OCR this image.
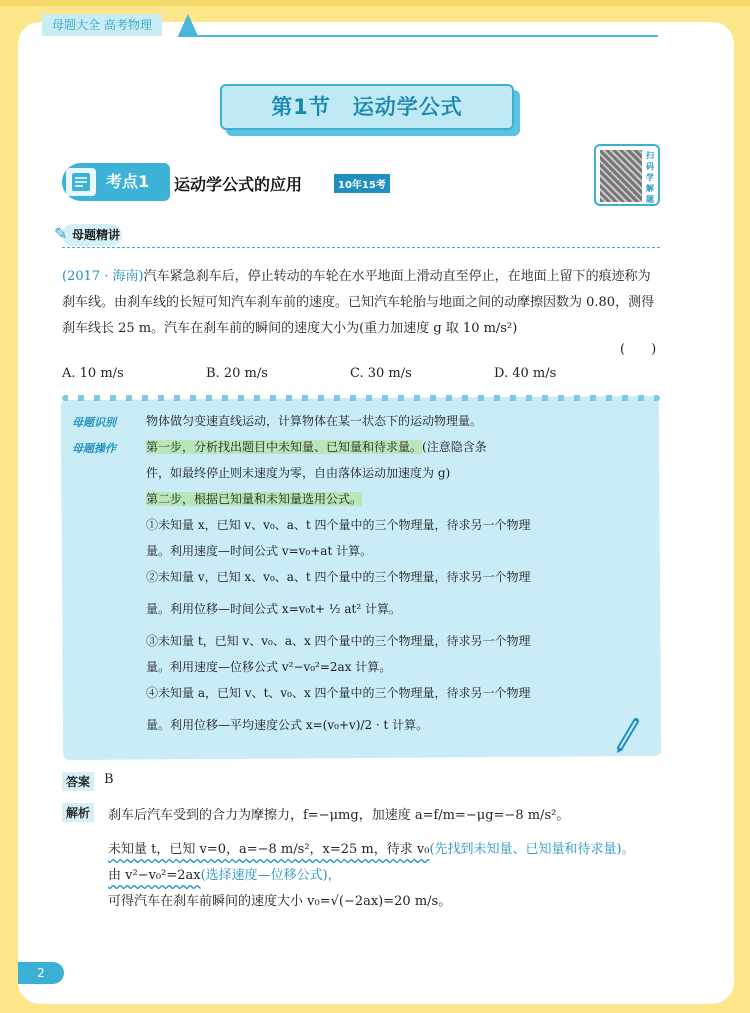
母题大全 高考物理
第1节　运动学公式
考点1 运动学公式的应用	10年15考
扫码学解题
✎ 母题精讲
(2017 · 海南)汽车紧急刹车后，停止转动的车轮在水平地面上滑动直至停止，在地面上留下的痕迹称为刹车线。由刹车线的长短可知汽车刹车前的速度。已知汽车轮胎与地面之间的动摩擦因数为 0.80，测得刹车线长 25 m。汽车在刹车前的瞬间的速度大小为(重力加速度 g 取 10 m/s²)
(　　)
A. 10 m/s	B. 20 m/s	C. 30 m/s	D. 40 m/s
母题识别	物体做匀变速直线运动，计算物体在某一状态下的运动物理量。
母题操作	第一步，分析找出题目中未知量、已知量和待求量。(注意隐含条
件，如最终停止则末速度为零，自由落体运动加速度为 g)
第二步，根据已知量和未知量选用公式。
①未知量 x，已知 v、v₀、a、t 四个量中的三个物理量，待求另一个物理
量。利用速度—时间公式 v=v₀+at 计算。
②未知量 v，已知 x、v₀、a、t 四个量中的三个物理量，待求另一个物理
量。利用位移—时间公式 x=v₀t+ ½ at² 计算。
③未知量 t，已知 v、v₀、a、x 四个量中的三个物理量，待求另一个物理
量。利用速度—位移公式 v²−v₀²=2ax 计算。
④未知量 a，已知 v、t、v₀、x 四个量中的三个物理量，待求另一个物理
量。利用位移—平均速度公式 x=(v₀+v)/2 · t 计算。
答案	B
解析	刹车后汽车受到的合力为摩擦力，f=−μmg，加速度 a=f/m=−μg=−8 m/s²。
未知量 t，已知 v=0，a=−8 m/s²，x=25 m，待求 v₀(先找到未知量、已知量和待求量)。
由 v²−v₀²=2ax(选择速度—位移公式)，
可得汽车在刹车前瞬间的速度大小 v₀=√(−2ax)=20 m/s。
2
